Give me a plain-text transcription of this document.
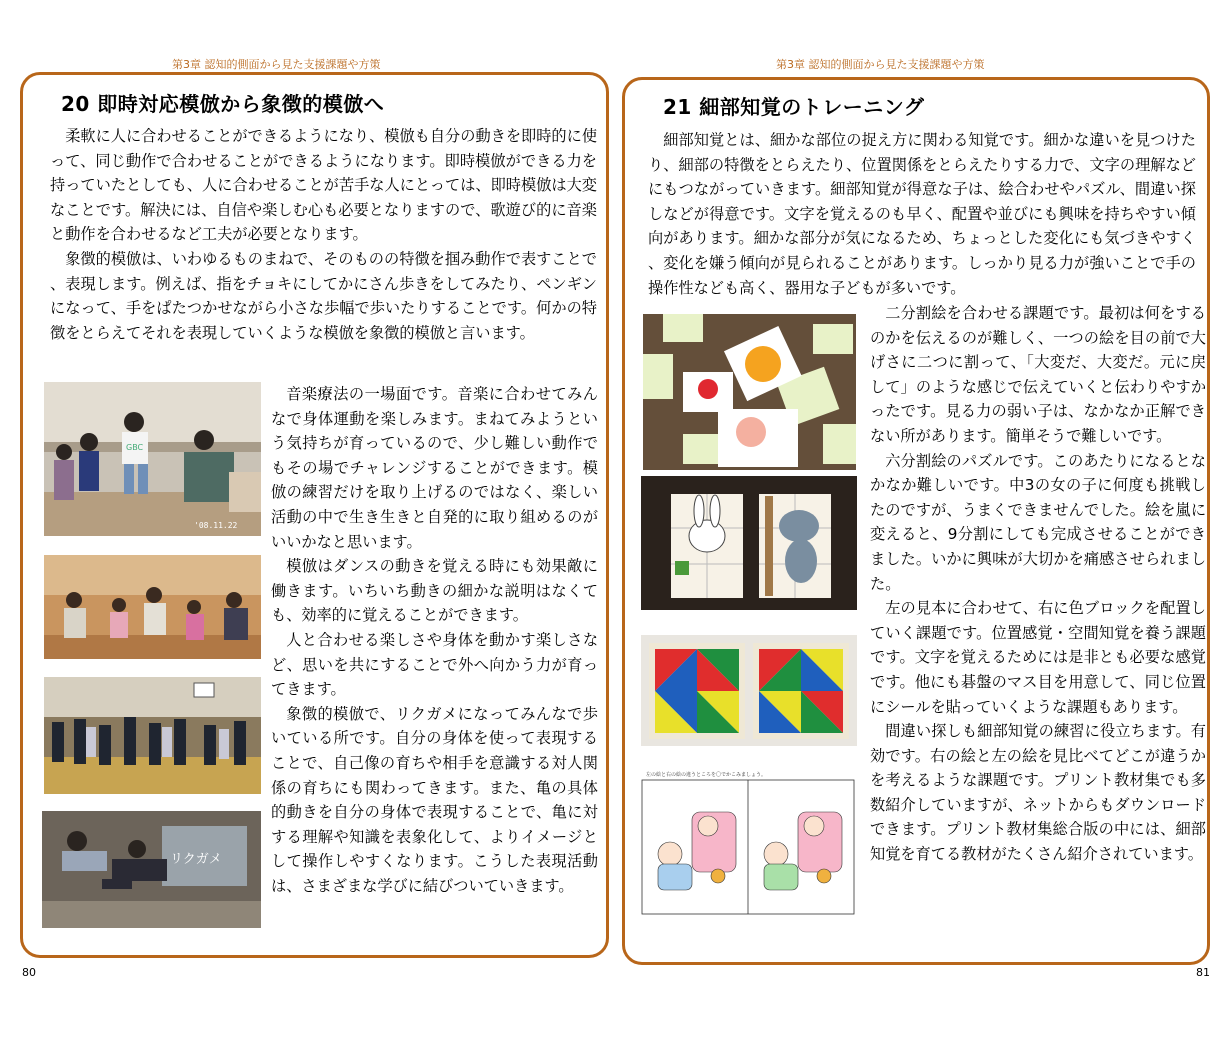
第3章 認知的側面から見た支援課題や方策
20 即時対応模倣から象徴的模倣へ

柔軟に人に合わせることができるようになり、模倣も自分の動きを即時的に使って、同じ動作で合わせることができるようになります。即時模倣ができる力を持っていたとしても、人に合わせることが苦手な人にとっては、即時模倣は大変なことです。解決には、自信や楽しむ心も必要となりますので、歌遊び的に音楽と動作を合わせるなど工夫が必要となります。

象徴的模倣は、いわゆるものまねで、そのものの特徴を掴み動作で表すことで、表現します。例えば、指をチョキにしてかにさん歩きをしてみたり、ペンギンになって、手をぱたつかせながら小さな歩幅で歩いたりすることです。何かの特徴をとらえてそれを表現していくような模倣を象徴的模倣と言います。

GBC
'08.11.22
リクガメ

音楽療法の一場面です。音楽に合わせてみんなで身体運動を楽しみます。まねてみようという気持ちが育っているので、少し難しい動作でもその場でチャレンジすることができます。模倣の練習だけを取り上げるのではなく、楽しい活動の中で生き生きと自発的に取り組めるのがいいかなと思います。

模倣はダンスの動きを覚える時にも効果敵に働きます。いちいち動きの細かな説明はなくても、効率的に覚えることができます。

人と合わせる楽しさや身体を動かす楽しさなど、思いを共にすることで外へ向かう力が育ってきます。

象徴的模倣で、リクガメになってみんなで歩いている所です。自分の身体を使って表現することで、自己像の育ちや相手を意識する対人関係の育ちにも関わってきます。また、亀の具体的動きを自分の身体で表現することで、亀に対する理解や知識を表象化して、よりイメージとして操作しやすくなります。こうした表現活動は、さまざまな学びに結びついていきます。

80
第3章 認知的側面から見た支援課題や方策
21 細部知覚のトレーニング

細部知覚とは、細かな部位の捉え方に関わる知覚です。細かな違いを見つけたり、細部の特徴をとらえたり、位置関係をとらえたりする力で、文字の理解などにもつながっていきます。細部知覚が得意な子は、絵合わせやパズル、間違い探しなどが得意です。文字を覚えるのも早く、配置や並びにも興味を持ちやすい傾向があります。細かな部分が気になるため、ちょっとした変化にも気づきやすく、変化を嫌う傾向が見られることがあります。しっかり見る力が強いことで手の操作性なども高く、器用な子どもが多いです。

左の絵と右の絵の違うところを〇でかこみましょう。

二分割絵を合わせる課題です。最初は何をするのかを伝えるのが難しく、一つの絵を目の前で大げさに二つに割って、「大変だ、大変だ。元に戻して」のような感じで伝えていくと伝わりやすかったです。見る力の弱い子は、なかなか正解できない所があります。簡単そうで難しいです。

六分割絵のパズルです。このあたりになるとなかなか難しいです。中3の女の子に何度も挑戦したのですが、うまくできませんでした。絵を嵐に変えると、9分割にしても完成させることができました。いかに興味が大切かを痛感させられました。

左の見本に合わせて、右に色ブロックを配置していく課題です。位置感覚・空間知覚を養う課題です。文字を覚えるためには是非とも必要な感覚です。他にも碁盤のマス目を用意して、同じ位置にシールを貼っていくような課題もあります。

間違い探しも細部知覚の練習に役立ちます。有効です。右の絵と左の絵を見比べてどこが違うかを考えるような課題です。プリント教材集でも多数紹介していますが、ネットからもダウンロードできます。プリント教材集総合版の中には、細部知覚を育てる教材がたくさん紹介されています。

81
